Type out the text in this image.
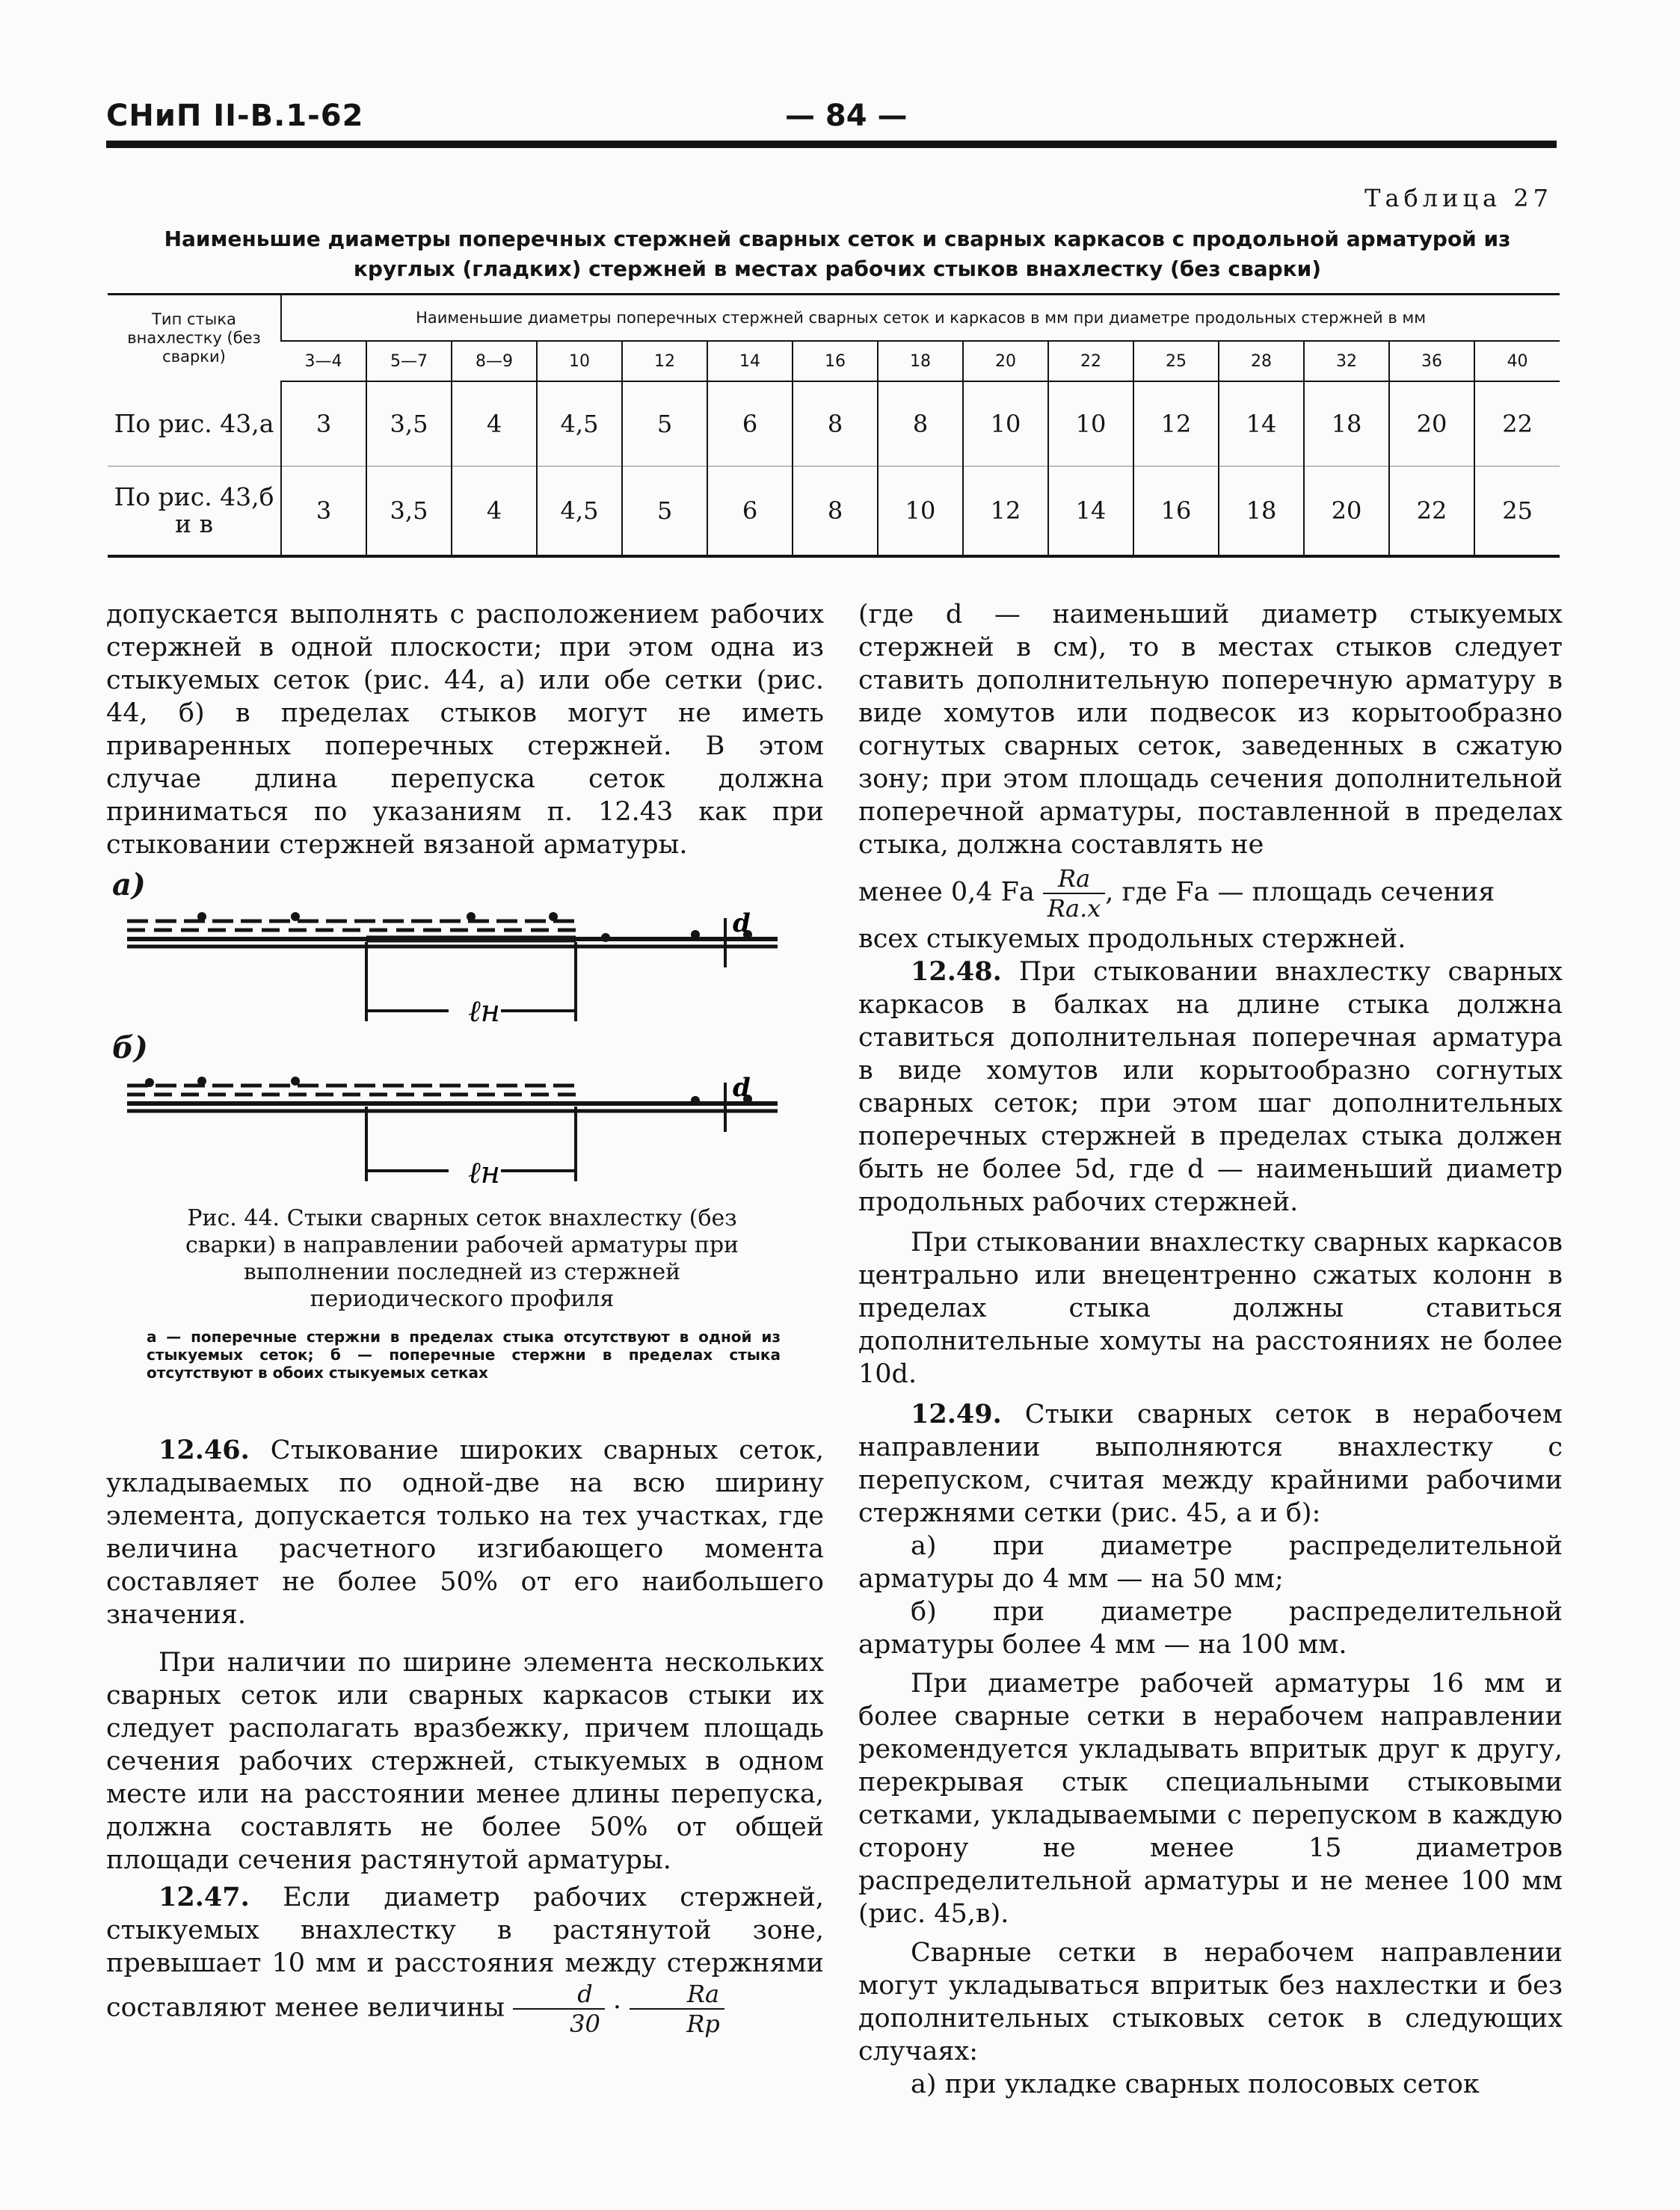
СНиП II-В.1-62	— 84 —
Таблица 27
Наименьшие диаметры поперечных стержней сварных сеток и сварных каркасов с продольной арматурой из
круглых (гладких) стержней в местах рабочих стыков внахлестку (без сварки)
Тип стыка внахлестку (без сварки)	Наименьшие диаметры поперечных стержней сварных сеток и каркасов в мм при диаметре продольных стержней в мм														
	3—4	5—7	8—9	10	12	14	16	18	20	22	25	28	32	36	40
По рис. 43,а	3	3,5	4	4,5	5	6	8	8	10	10	12	14	18	20	22
По рис. 43,б и в	3	3,5	4	4,5	5	6	8	10	12	14	16	18	20	22	25

допускается выполнять с расположением рабочих стержней в одной плоскости; при этом одна из стыкуемых сеток (рис. 44, а) или обе сетки (рис. 44, б) в пределах стыков могут не иметь приваренных поперечных стержней. В этом случае длина перепуска сеток должна приниматься по указаниям п. 12.43 как при стыковании стержней вязаной арматуры.

а)
б)
ℓн
d
ℓн
d
Рис. 44. Стыки сварных сеток внахлестку (без сварки) в направлении рабочей арматуры при выполнении последней из стержней периодического профиля
а — поперечные стержни в пределах стыка отсутствуют в одной из стыкуемых сеток; б — поперечные стержни в пределах стыка отсутствуют в обоих стыкуемых сетках

12.46. Стыкование широких сварных сеток, укладываемых по одной-две на всю ширину элемента, допускается только на тех участках, где величина расчетного изгибающего момента составляет не более 50% от его наибольшего значения.

При наличии по ширине элемента нескольких сварных сеток или сварных каркасов стыки их следует располагать вразбежку, причем площадь сечения рабочих стержней, стыкуемых в одном месте или на расстоянии менее длины перепуска, должна составлять не более 50% от общей площади сечения растянутой арматуры.

12.47. Если диаметр рабочих стержней, стыкуемых внахлестку в растянутой зоне, превышает 10 мм и расстояния между стержнями составляют менее величины $\frac{d}{30} \cdot \frac{Rа}{Rр}$

(где d — наименьший диаметр стыкуемых стержней в см), то в местах стыков следует ставить дополнительную поперечную арматуру в виде хомутов или подвесок из корытообразно согнутых сварных сеток, заведенных в сжатую зону; при этом площадь сечения дополнительной поперечной арматуры, поставленной в пределах стыка, должна составлять не

менее 0,4 Fа $\frac{Rа}{Rа.х}$ , где Fа — площадь сечения

всех стыкуемых продольных стержней.

12.48. При стыковании внахлестку сварных каркасов в балках на длине стыка должна ставиться дополнительная поперечная арматура в виде хомутов или корытообразно согнутых сварных сеток; при этом шаг дополнительных поперечных стержней в пределах стыка должен быть не более 5d, где d — наименьший диаметр продольных рабочих стержней.

При стыковании внахлестку сварных каркасов центрально или внецентренно сжатых колонн в пределах стыка должны ставиться дополнительные хомуты на расстояниях не более 10d.

12.49. Стыки сварных сеток в нерабочем направлении выполняются внахлестку с перепуском, считая между крайними рабочими стержнями сетки (рис. 45, а и б):

а) при диаметре распределительной арматуры до 4 мм — на 50 мм;

б) при диаметре распределительной арматуры более 4 мм — на 100 мм.

При диаметре рабочей арматуры 16 мм и более сварные сетки в нерабочем направлении рекомендуется укладывать впритык друг к другу, перекрывая стык специальными стыковыми сетками, укладываемыми с перепуском в каждую сторону не менее 15 диаметров распределительной арматуры и не менее 100 мм (рис. 45,в).

Сварные сетки в нерабочем направлении могут укладываться впритык без нахлестки и без дополнительных стыковых сеток в следующих случаях:

а) при укладке сварных полосовых сеток
